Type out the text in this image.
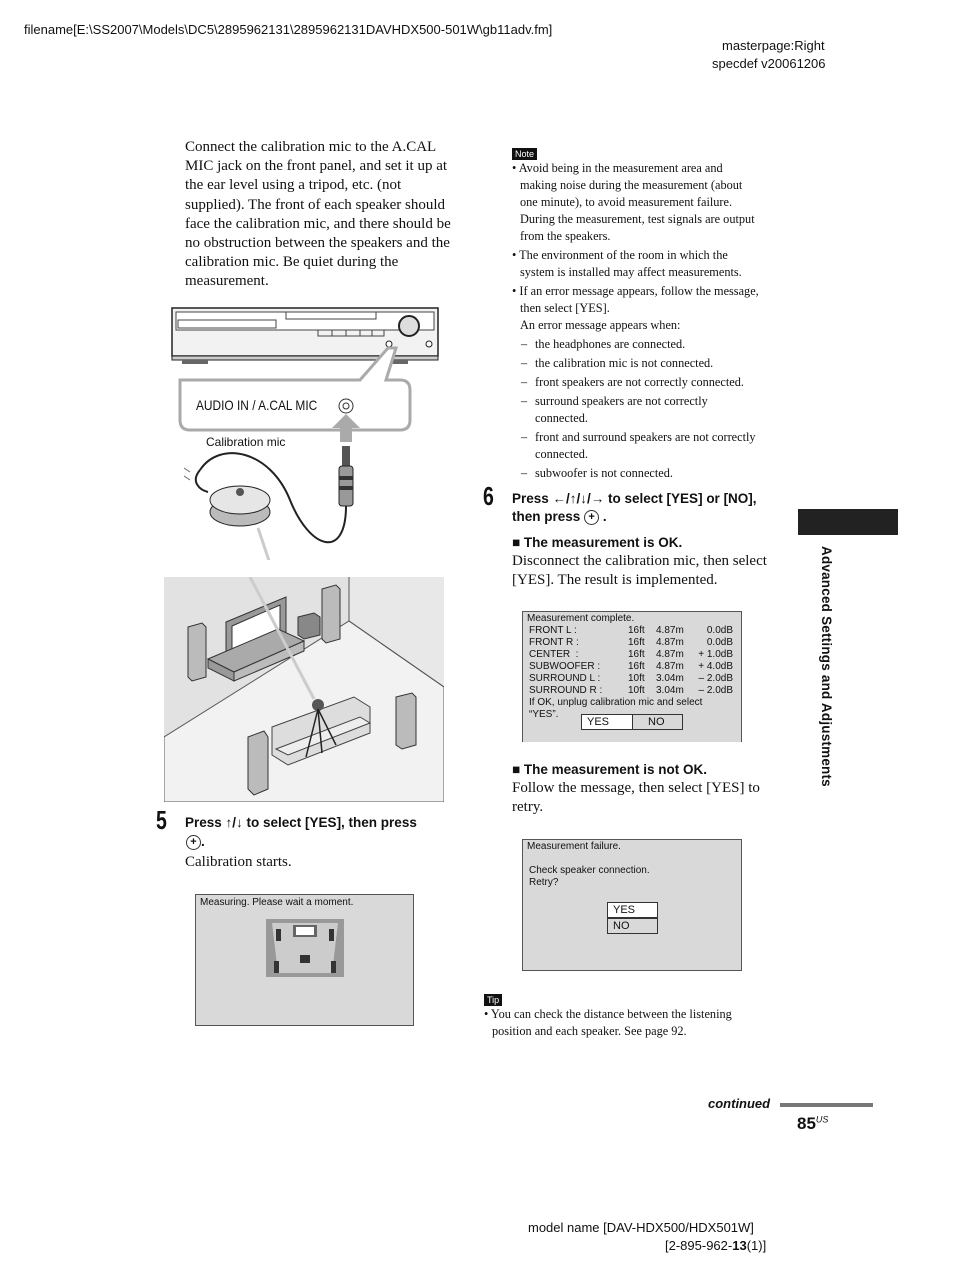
filename[E:\SS2007\Models\DC5\2895962131\2895962131DAVHDX500-501W\gb11adv.fm]
masterpage:Right
specdef v20061206
Connect the calibration mic to the A.CAL
MIC jack on the front panel, and set it up at
the ear level using a tripod, etc. (not
supplied). The front of each speaker should
face the calibration mic, and there should be
no obstruction between the speakers and the
calibration mic. Be quiet during the
measurement.
AUDIO IN / A.CAL MIC
Calibration mic
5 Press ↑/↓ to select [YES], then press
+ .
Calibration starts.
Measuring. Please wait a moment.
Note
• Avoid being in the measurement area and
making noise during the measurement (about
one minute), to avoid measurement failure.
During the measurement, test signals are output
from the speakers.
• The environment of the room in which the
system is installed may affect measurements.
• If an error message appears, follow the message,
then select [YES].
An error message appears when:
– the headphones are connected.
– the calibration mic is not connected.
– front speakers are not correctly connected.
– surround speakers are not correctly
connected.
– front and surround speakers are not correctly
connected.
– subwoofer is not connected.
6 Press ←/↑/↓/→ to select [YES] or [NO],
then press + .
■ The measurement is OK.
Disconnect the calibration mic, then select
[YES]. The result is implemented.
Measurement complete.
FRONT L :	16ft 4.87m 0.0dB
FRONT R :	16ft 4.87m 0.0dB
CENTER  :	16ft 4.87m + 1.0dB
SUBWOOFER :	16ft 4.87m + 4.0dB
SURROUND L :	10ft 3.04m – 2.0dB
SURROUND R :	10ft 3.04m – 2.0dB
If OK, unplug calibration mic and select
“YES”.
YES	NO
■ The measurement is not OK.
Follow the message, then select [YES] to
retry.
Measurement failure.
Check speaker connection.
Retry?
YES
NO
Tip
• You can check the distance between the listening
position and each speaker. See page 92.
Advanced Settings and Adjustments
continued
$85^{US}$
model name [DAV-HDX500/HDX501W]
[2-895-962-13(1)]
